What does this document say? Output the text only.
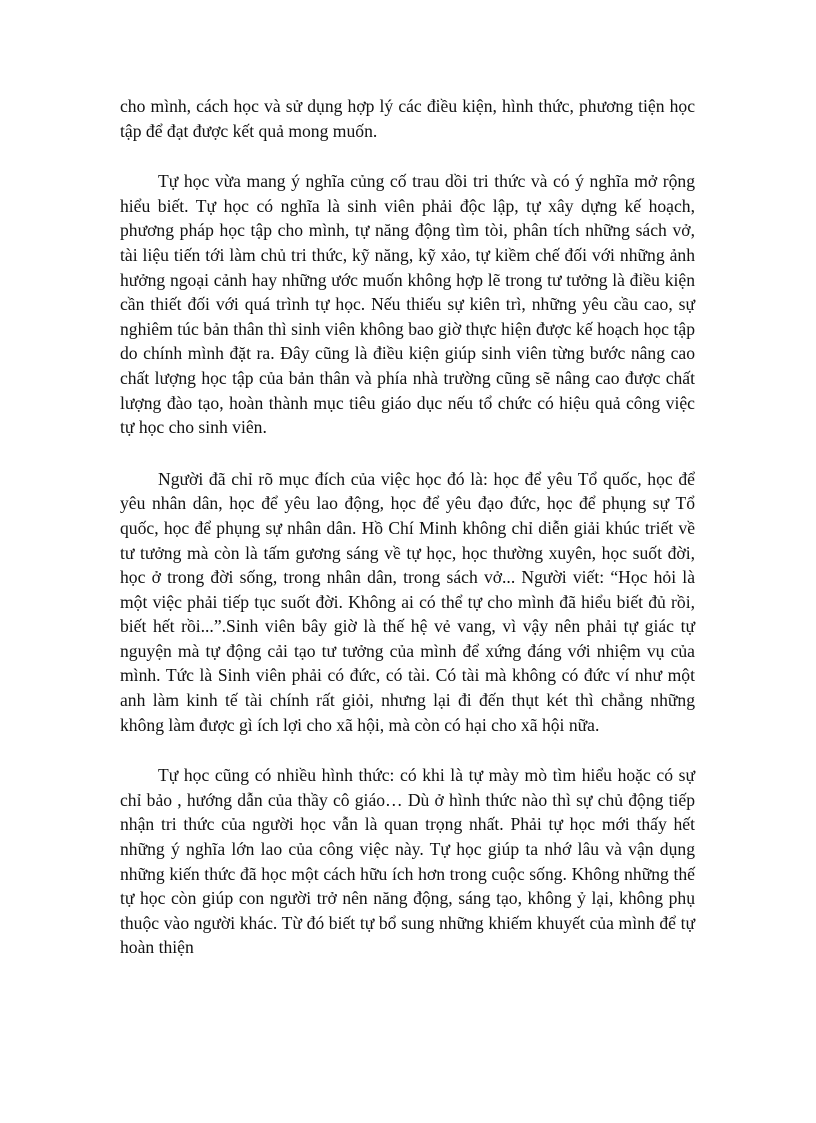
cho mình, cách học và sử dụng hợp lý các điều kiện, hình thức, phương tiện học tập để đạt được kết quả mong muốn.

Tự học vừa mang ý nghĩa củng cố trau dồi tri thức và có ý nghĩa mở rộng hiểu biết. Tự học có nghĩa là sinh viên phải độc lập, tự xây dựng kế hoạch, phương pháp học tập cho mình, tự năng động tìm tòi, phân tích những sách vở, tài liệu tiến tới làm chủ tri thức, kỹ năng, kỹ xảo, tự kiềm chế đối với những ảnh hưởng ngoại cảnh hay những ước muốn không hợp lẽ trong tư tưởng là điều kiện cần thiết đối với quá trình tự học. Nếu thiếu sự kiên trì, những yêu cầu cao, sự nghiêm túc bản thân thì sinh viên không bao giờ thực hiện được kế hoạch học tập do chính mình đặt ra. Đây cũng là điều kiện giúp sinh viên từng bước nâng cao chất lượng học tập của bản thân và phía nhà trường cũng sẽ nâng cao được chất lượng đào tạo, hoàn thành mục tiêu giáo dục nếu tổ chức có hiệu quả công việc tự học cho sinh viên.

Người đã chỉ rõ mục đích của việc học đó là: học để yêu Tổ quốc, học để yêu nhân dân, học để yêu lao động, học để yêu đạo đức, học để phụng sự Tổ quốc, học để phụng sự nhân dân. Hồ Chí Minh không chỉ diễn giải khúc triết về tư tưởng mà còn là tấm gương sáng về tự học, học thường xuyên, học suốt đời, học ở trong đời sống, trong nhân dân, trong sách vở... Người viết: “Học hỏi là một việc phải tiếp tục suốt đời. Không ai có thể tự cho mình đã hiểu biết đủ rồi, biết hết rồi...”.Sinh viên bây giờ là thế hệ vẻ vang, vì vậy nên phải tự giác tự nguyện mà tự động cải tạo tư tưởng của mình để xứng đáng với nhiệm vụ của mình. Tức là Sinh viên phải có đức, có tài. Có tài mà không có đức ví như một anh làm kinh tế tài chính rất giỏi, nhưng lại đi đến thụt két thì chẳng những không làm được gì ích lợi cho xã hội, mà còn có hại cho xã hội nữa.

Tự học cũng có nhiều hình thức: có khi là tự mày mò tìm hiểu hoặc có sự chỉ bảo , hướng dẫn của thầy cô giáo… Dù ở hình thức nào thì sự chủ động tiếp nhận tri thức của người học vẫn là quan trọng nhất. Phải tự học mới thấy hết những ý nghĩa lớn lao của công việc này. Tự học giúp ta nhớ lâu và vận dụng những kiến thức đã học một cách hữu ích hơn trong cuộc sống. Không những thế tự học còn giúp con người trở nên năng động, sáng tạo, không ỷ lại, không phụ thuộc vào người khác. Từ đó biết tự bổ sung những khiếm khuyết của mình để tự hoàn thiện
